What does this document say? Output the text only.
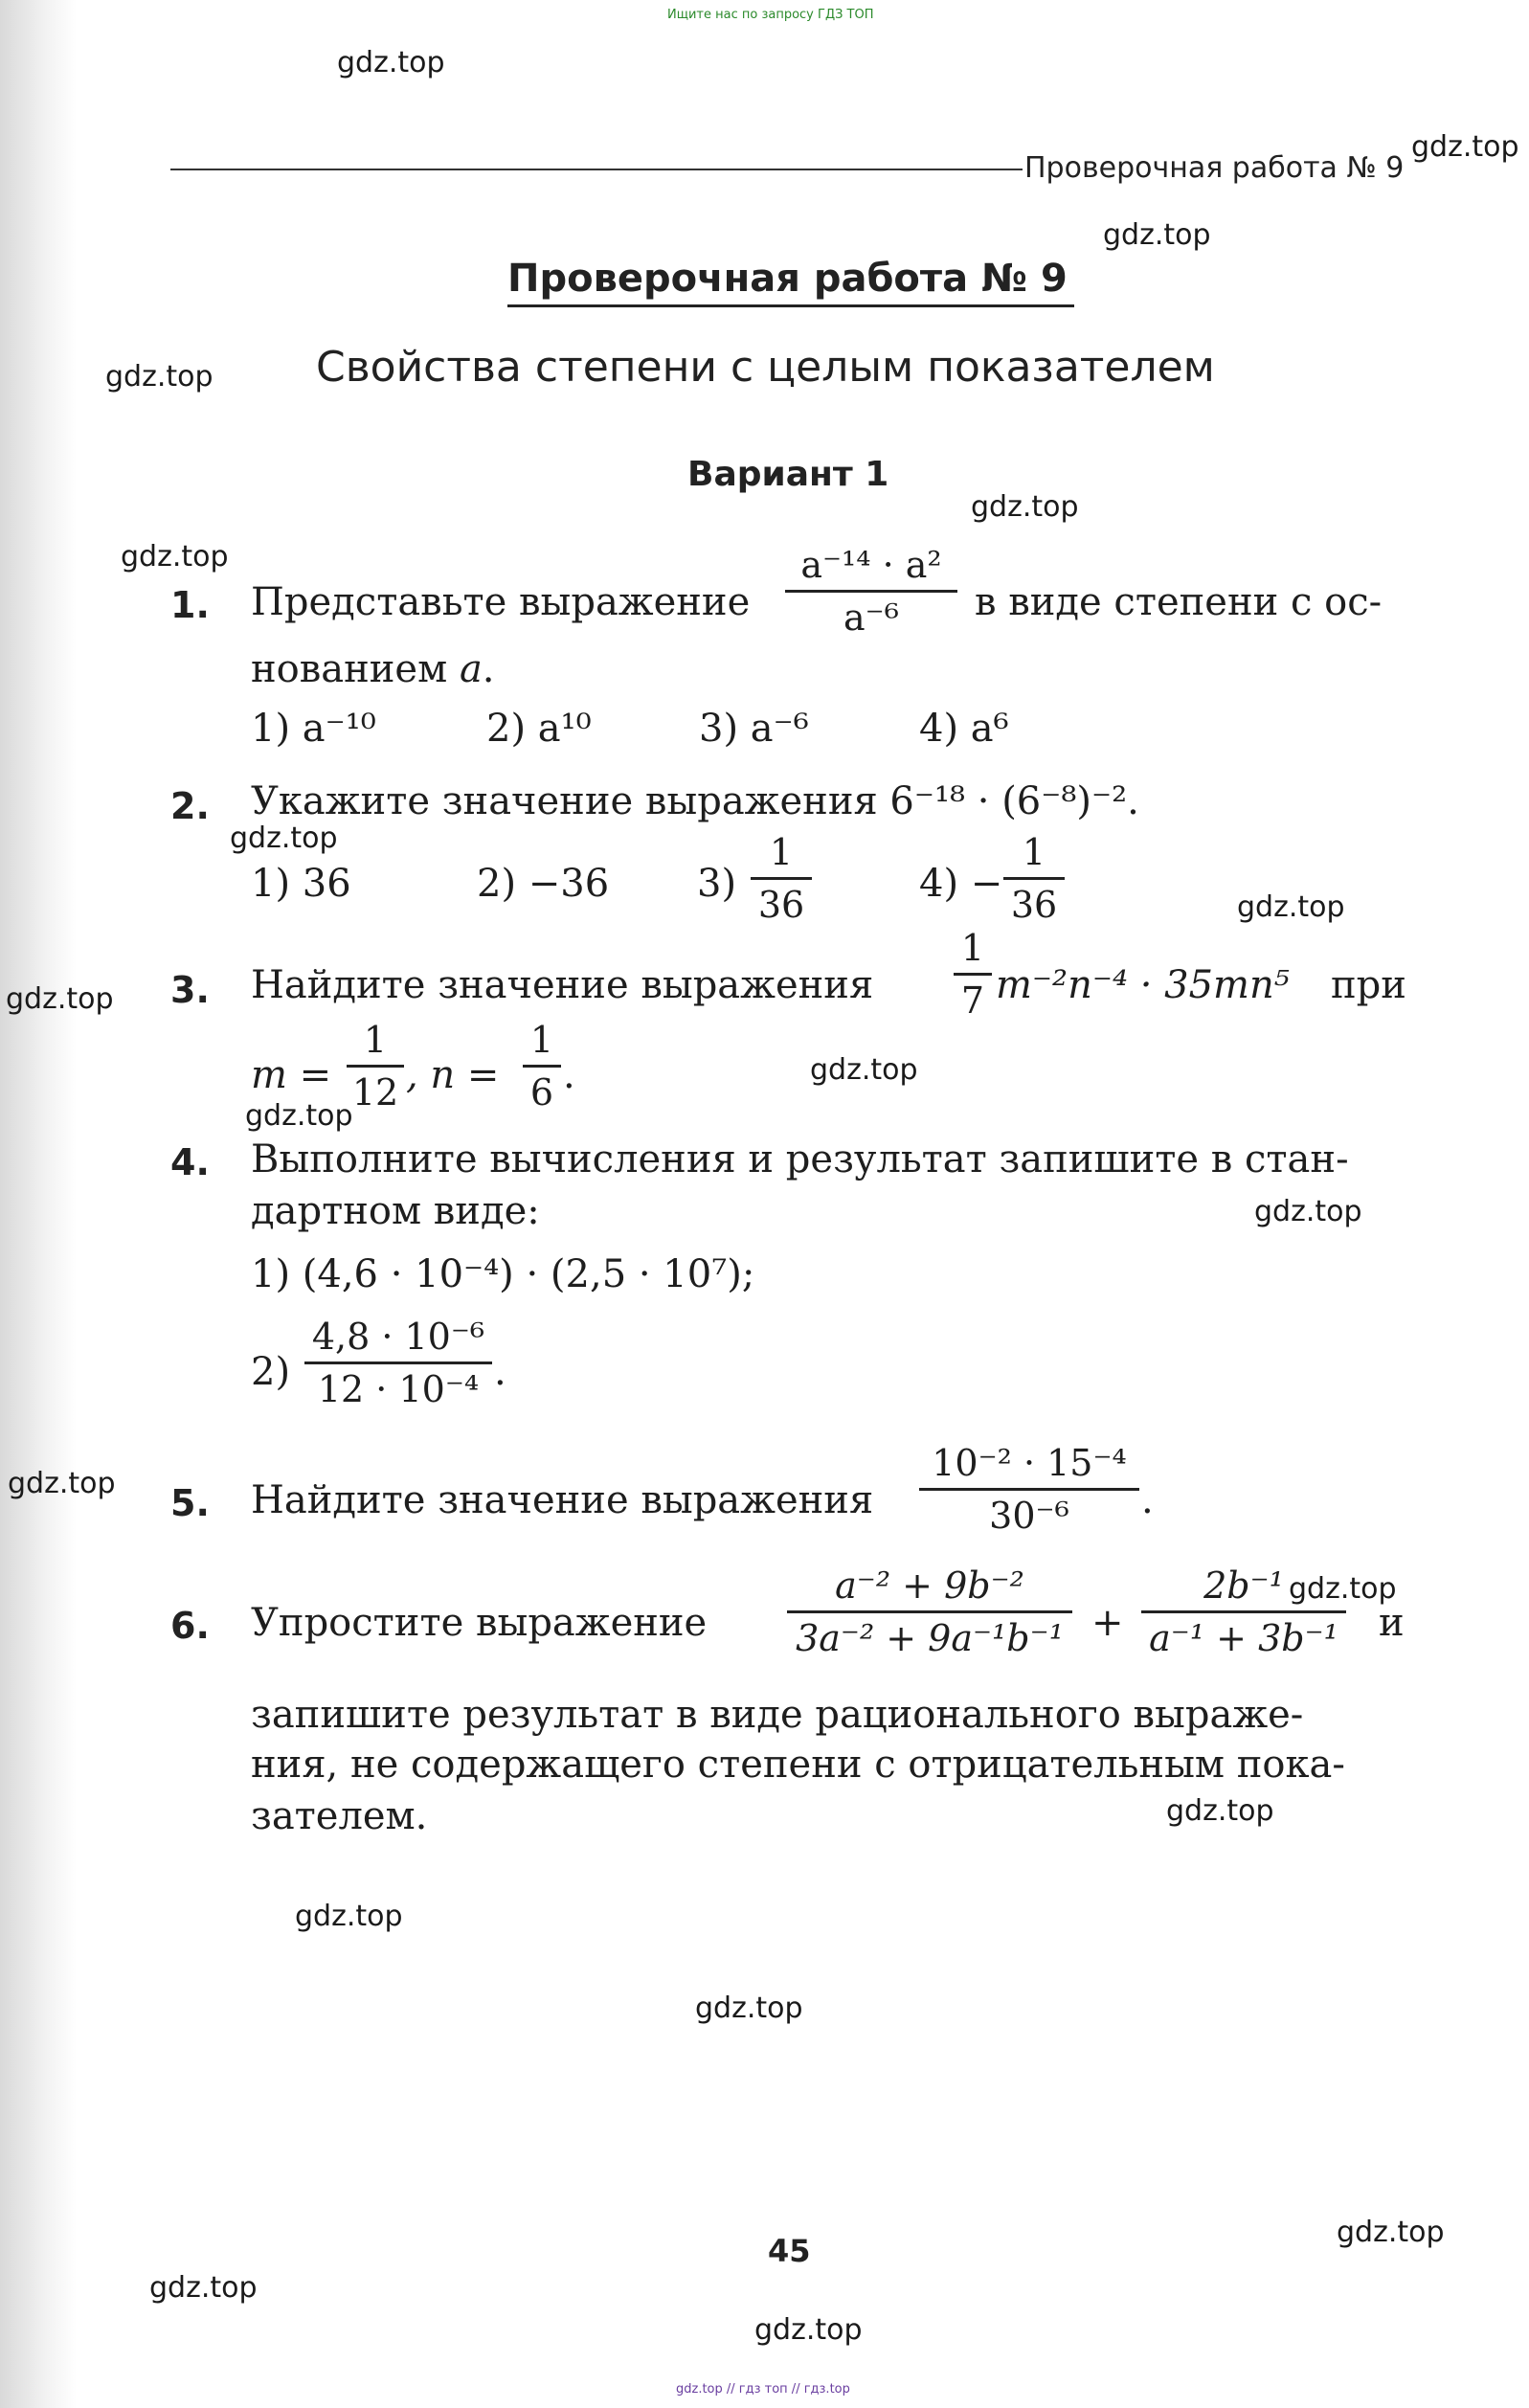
Ищите нас по запросу ГДЗ ТОП
Проверочная работа № 9
Проверочная работа № 9
Свойства степени с целым показателем
Вариант 1
1. Представьте выражение
a⁻¹⁴ · a²
a⁻⁶	в виде степени с ос-
нованием a.
1) a⁻¹⁰	2) a¹⁰	3) a⁻⁶	4) a⁶
2. Укажите значение выражения 6⁻¹⁸ · (6⁻⁸)⁻².
1) 36	2) −36 3)
1
36	4) −
1
36
3. Найдите значение выражения
1
7 m⁻²n⁻⁴ · 35mn⁵ при
m =
1
12 , n =
1
6 .
4. Выполните вычисления и результат запишите в стан-
дартном виде:
1) (4,6 · 10⁻⁴) · (2,5 · 10⁷);
2)
4,8 · 10⁻⁶
12 · 10⁻⁴ .
5. Найдите значение выражения
10⁻² · 15⁻⁴
30⁻⁶	.
6. Упростите выражение
a⁻² + 9b⁻²
3a⁻² + 9a⁻¹b⁻¹ +
2b⁻¹
a⁻¹ + 3b⁻¹ и
запишите результат в виде рационального выраже-
ния, не содержащего степени с отрицательным пока-
зателем.
45
gdz.top
gdz.top
gdz.top
gdz.top
gdz.top
gdz.top
gdz.top
gdz.top
gdz.top
gdz.top
gdz.top
gdz.top
gdz.top
gdz.top
gdz.top
gdz.top
gdz.top
gdz.top
gdz.top
gdz.top
gdz.top // гдз топ // гдз.top
